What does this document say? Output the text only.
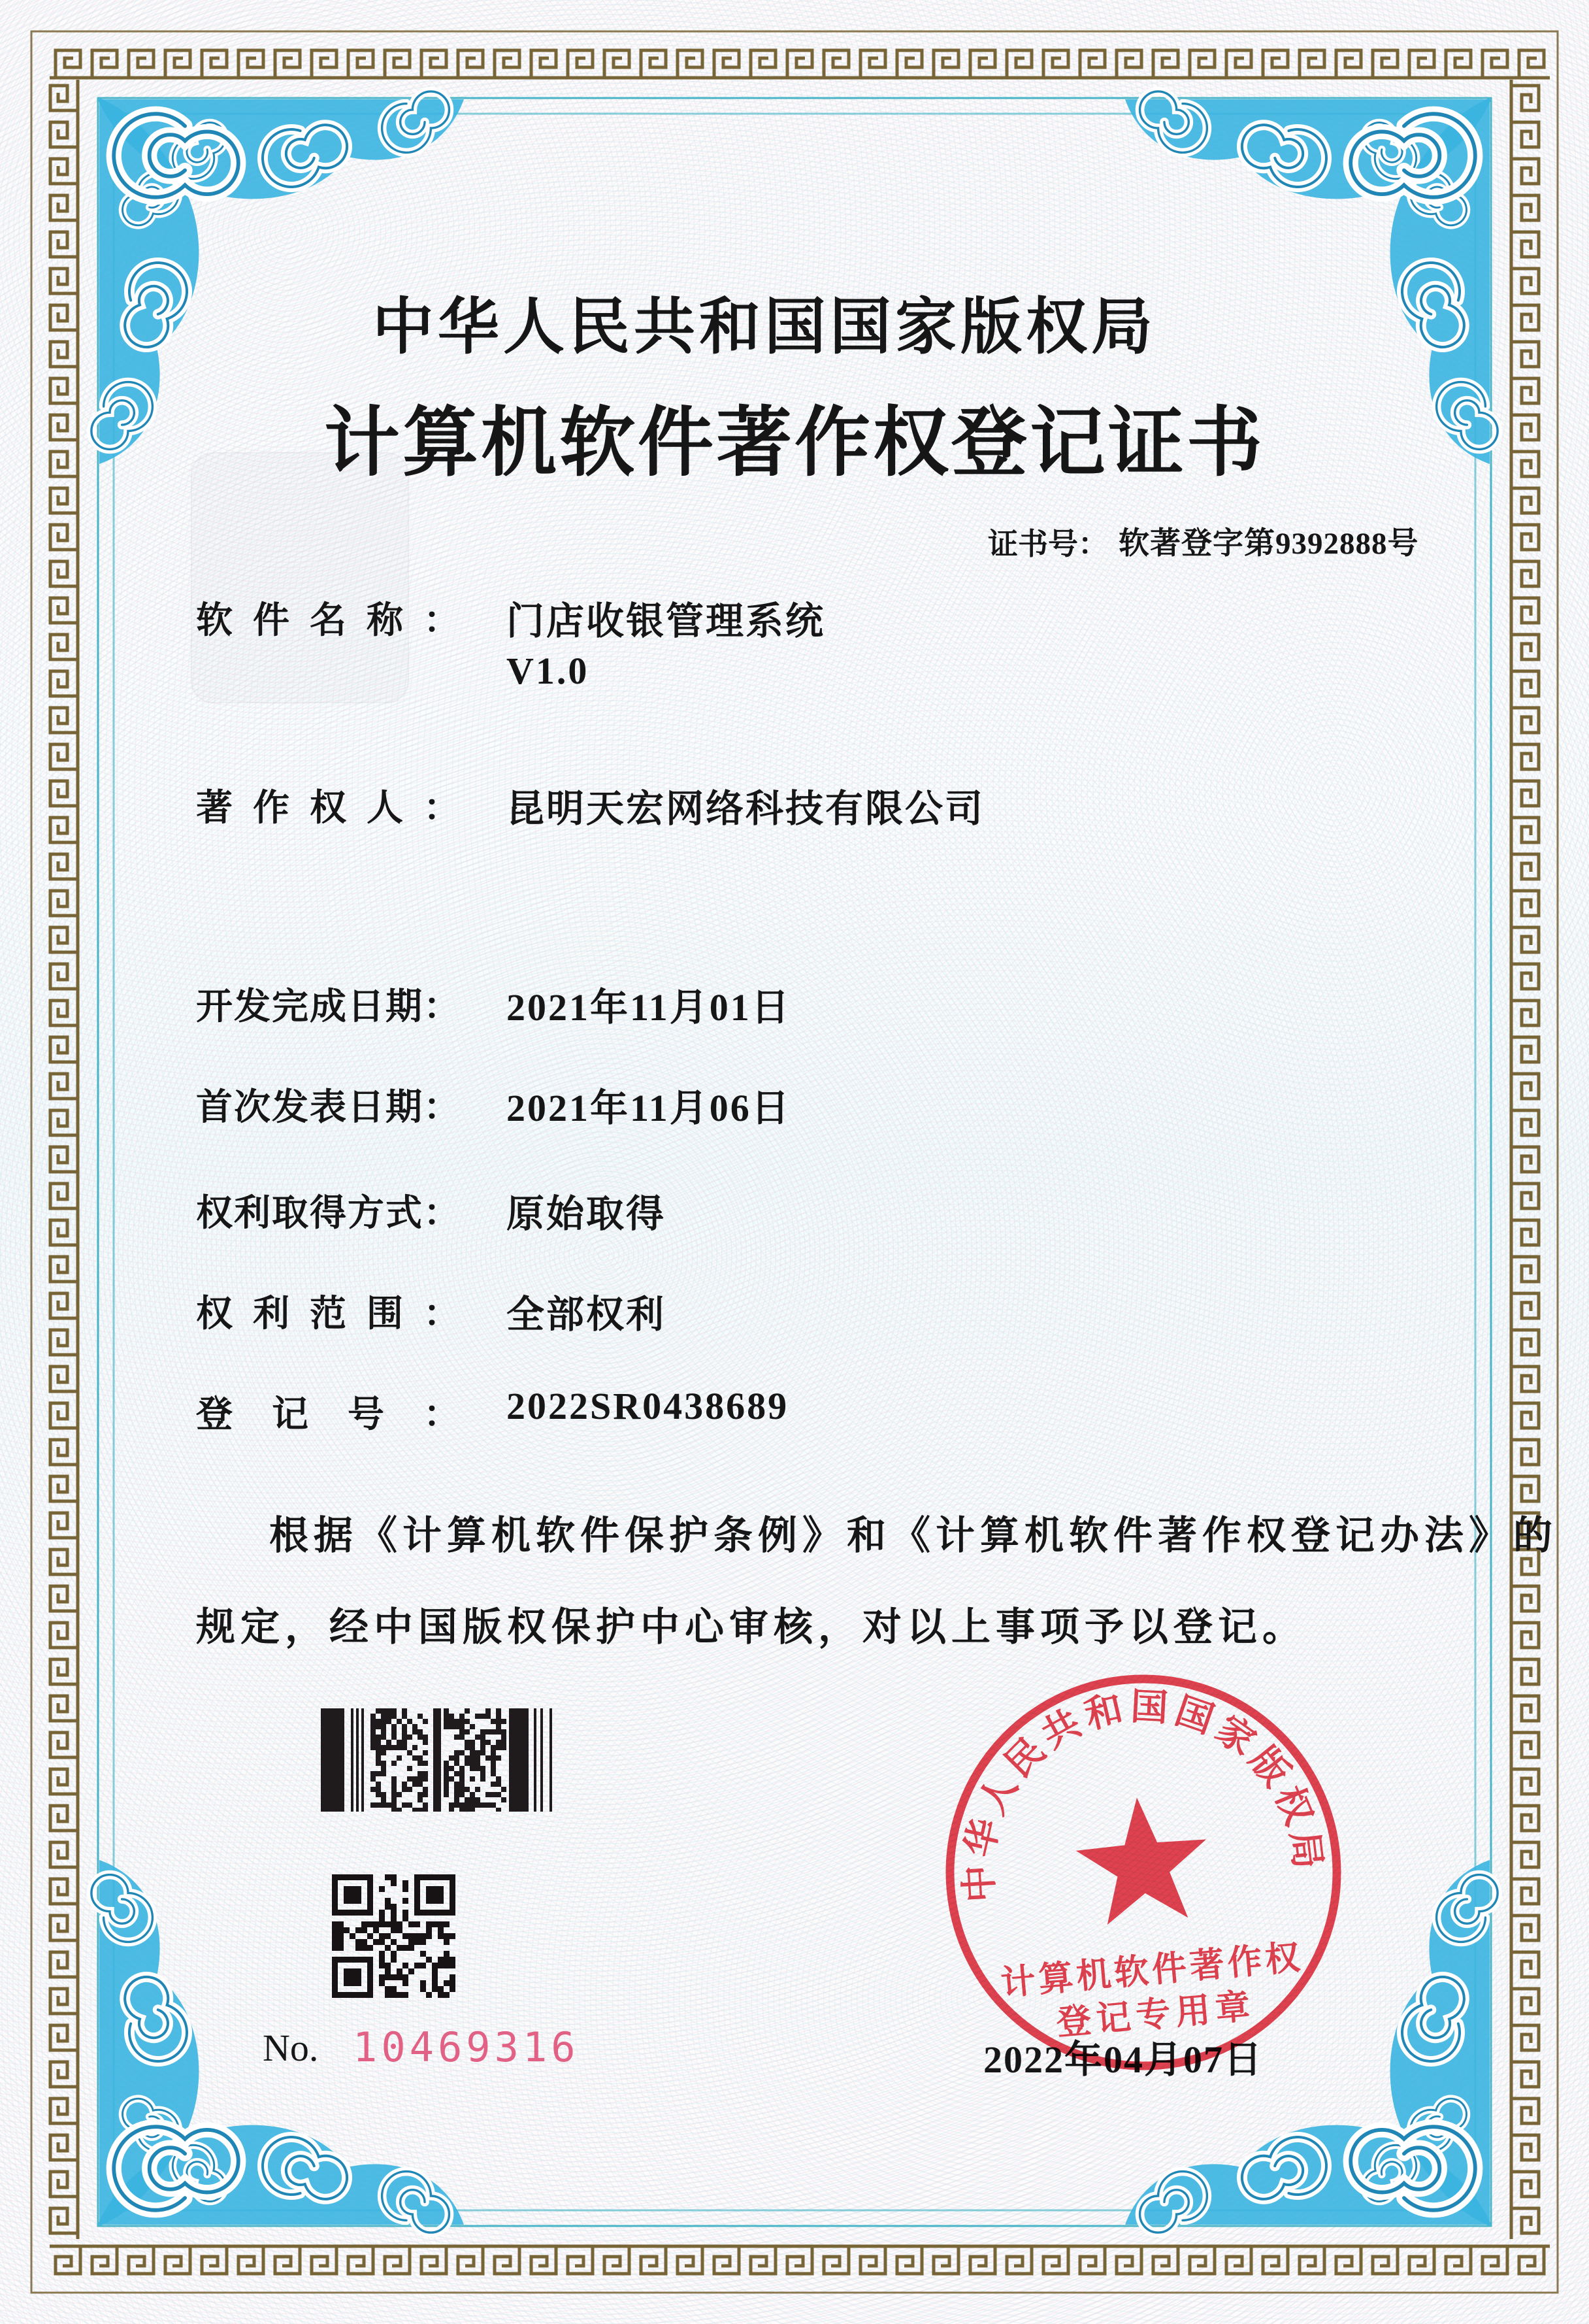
中华人民共和国国家版权局
计算机软件著作权登记证书
证书号： 软著登字第9392888号
软件名称： 门店收银管理系统
V1.0
著作权人： 昆明天宏网络科技有限公司
开发完成日期： 2021年11月01日
首次发表日期： 2021年11月06日
权利取得方式： 原始取得
权利范围： 全部权利
登记号： 2022SR0438689
根据《计算机软件保护条例》和《计算机软件著作权登记办法》的
规定，经中国版权保护中心审核，对以上事项予以登记。
No. 10469316	2022年04月07日
中华人民共和国国家版权局
计算机软件著作权
登记专用章
